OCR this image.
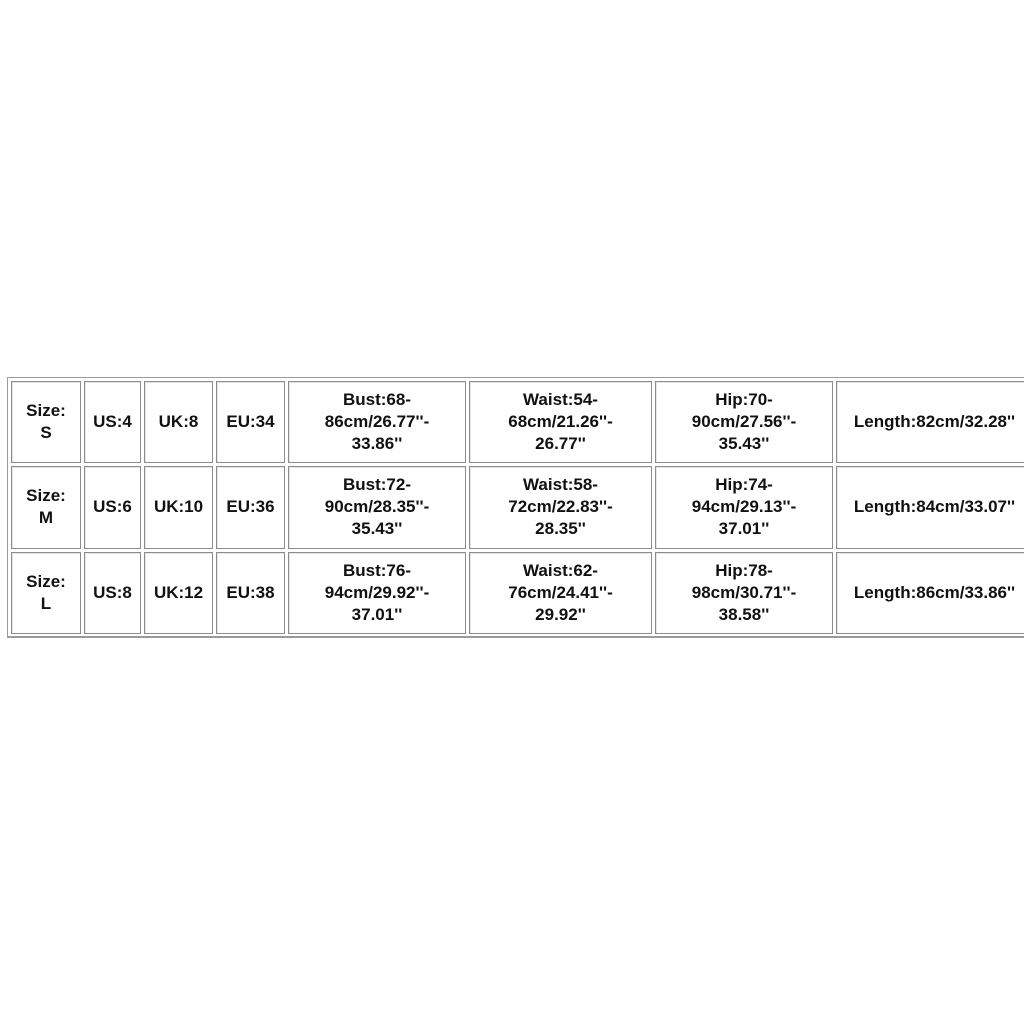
Size:
S	US:4	UK:8	EU:34	Bust:68-
86cm/26.77''-
33.86''	Waist:54-
68cm/21.26''-
26.77''	Hip:70-
90cm/27.56''-
35.43''	Length:82cm/32.28''

Size:
M	US:6	UK:10	EU:36	Bust:72-
90cm/28.35''-
35.43''	Waist:58-
72cm/22.83''-
28.35''	Hip:74-
94cm/29.13''-
37.01''	Length:84cm/33.07''

Size:
L	US:8	UK:12	EU:38	Bust:76-
94cm/29.92''-
37.01''	Waist:62-
76cm/24.41''-
29.92''	Hip:78-
98cm/30.71''-
38.58''	Length:86cm/33.86''
